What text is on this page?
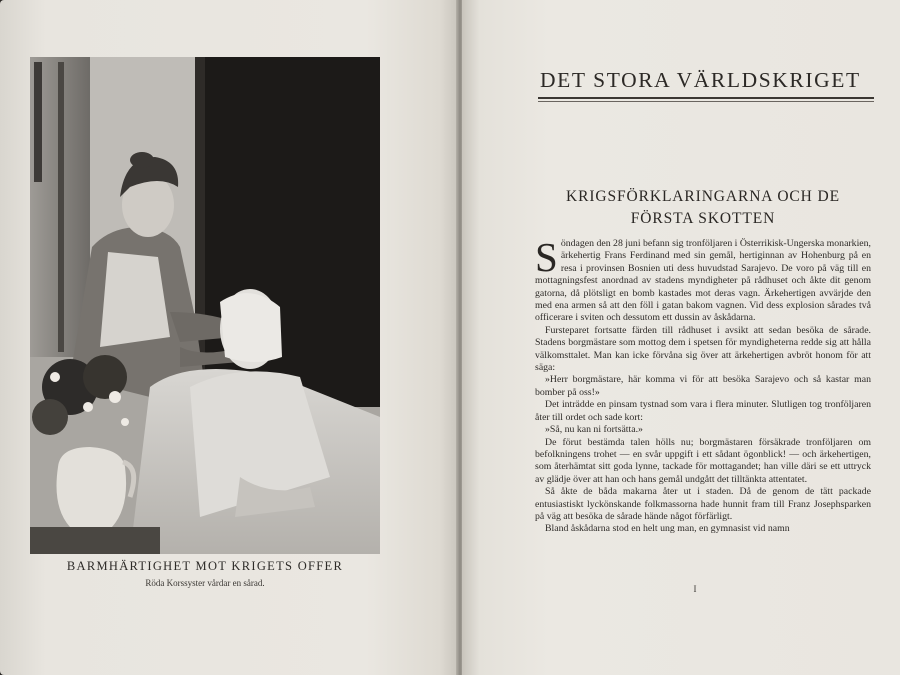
BARMHÄRTIGHET MOT KRIGETS OFFER
Röda Korssyster vårdar en sårad.
DET STORA VÄRLDSKRIGET
KRIGSFÖRKLARINGARNA OCH DE
FÖRSTA SKOTTEN

Söndagen den 28 juni befann sig tronföljaren i Österrikisk-Ungerska monarkien, ärkehertig Frans Ferdinand med sin gemål, hertiginnan av Hohenburg på en resa i provinsen Bosnien uti dess huvudstad Sarajevo. De voro på väg till en mottagningsfest anordnad av stadens myndigheter på rådhuset och åkte dit genom gatorna, då plötsligt en bomb kastades mot deras vagn. Ärkehertigen avvärjde den med ena armen så att den föll i gatan bakom vagnen. Vid dess explosion sårades två officerare i sviten och dessutom ett dussin av åskådarna.

Fursteparet fortsatte färden till rådhuset i avsikt att sedan besöka de sårade. Stadens borgmästare som mottog dem i spetsen för myndigheterna redde sig att hålla välkomsttalet. Man kan icke förvåna sig över att ärkehertigen avbröt honom för att säga:

»Herr borgmästare, här komma vi för att besöka Sarajevo och så kastar man bomber på oss!»

Det inträdde en pinsam tystnad som vara i flera minuter. Slutligen tog tronföljaren åter till ordet och sade kort:

»Så, nu kan ni fortsätta.»

De förut bestämda talen hölls nu; borgmästaren försäkrade tronföljaren om befolkningens trohet — en svår uppgift i ett sådant ögonblick! — och ärkehertigen, som återhämtat sitt goda lynne, tackade för mottagandet; han ville däri se ett uttryck av glädje över att han och hans gemål undgått det tilltänkta attentatet.

Så åkte de båda makarna åter ut i staden. Då de genom de tätt packade entusiastiskt lyckönskande folkmassorna hade hunnit fram till Franz Josephsparken på väg att besöka de sårade hände något förfärligt.

Bland åskådarna stod en helt ung man, en gymnasist vid namn

I
